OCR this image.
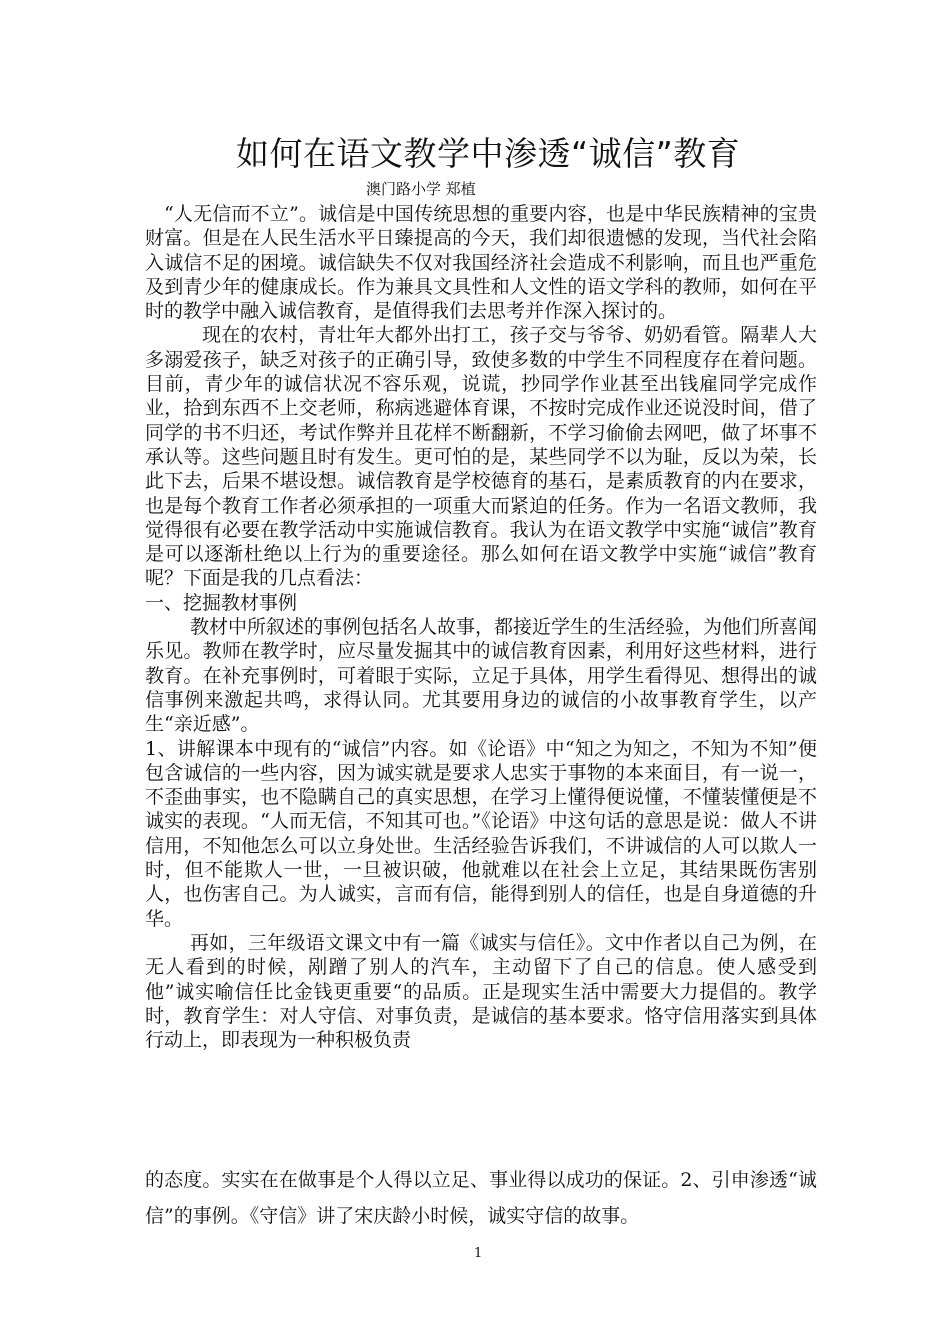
如何在语文教学中渗透“诚信”教育
澳门路小学 郑植

“人无信而不立”。诚信是中国传统思想的重要内容，也是中华民族精神的宝贵财富。但是在人民生活水平日臻提高的今天，我们却很遗憾的发现，当代社会陷入诚信不足的困境。诚信缺失不仅对我国经济社会造成不利影响，而且也严重危及到青少年的健康成长。作为兼具文具性和人文性的语文学科的教师，如何在平时的教学中融入诚信教育，是值得我们去思考并作深入探讨的。

现在的农村，青壮年大都外出打工，孩子交与爷爷、奶奶看管。隔辈人大多溺爱孩子，缺乏对孩子的正确引导，致使多数的中学生不同程度存在着问题。目前，青少年的诚信状况不容乐观，说谎，抄同学作业甚至出钱雇同学完成作业，拾到东西不上交老师，称病逃避体育课，不按时完成作业还说没时间，借了同学的书不归还，考试作弊并且花样不断翻新，不学习偷偷去网吧，做了坏事不承认等。这些问题且时有发生。更可怕的是，某些同学不以为耻，反以为荣，长此下去，后果不堪设想。诚信教育是学校德育的基石，是素质教育的内在要求，也是每个教育工作者必须承担的一项重大而紧迫的任务。作为一名语文教师，我觉得很有必要在教学活动中实施诚信教育。我认为在语文教学中实施“诚信”教育是可以逐渐杜绝以上行为的重要途径。那么如何在语文教学中实施“诚信”教育呢？下面是我的几点看法：

一、挖掘教材事例

教材中所叙述的事例包括名人故事，都接近学生的生活经验，为他们所喜闻乐见。教师在教学时，应尽量发掘其中的诚信教育因素，利用好这些材料，进行教育。在补充事例时，可着眼于实际，立足于具体，用学生看得见、想得出的诚信事例来激起共鸣，求得认同。尤其要用身边的诚信的小故事教育学生，以产生“亲近感”。

1、讲解课本中现有的“诚信”内容。如《论语》中“知之为知之，不知为不知”便包含诚信的一些内容，因为诚实就是要求人忠实于事物的本来面目，有一说一，不歪曲事实，也不隐瞒自己的真实思想，在学习上懂得便说懂，不懂装懂便是不诚实的表现。“人而无信，不知其可也。”《论语》中这句话的意思是说：做人不讲信用，不知他怎么可以立身处世。生活经验告诉我们，不讲诚信的人可以欺人一时，但不能欺人一世，一旦被识破，他就难以在社会上立足，其结果既伤害别人，也伤害自己。为人诚实，言而有信，能得到别人的信任，也是自身道德的升华。

再如，三年级语文课文中有一篇《诚实与信任》。文中作者以自己为例，在无人看到的时候，剐蹭了别人的汽车，主动留下了自己的信息。使人感受到他”诚实喻信任比金钱更重要“的品质。正是现实生活中需要大力提倡的。教学时，教育学生：对人守信、对事负责，是诚信的基本要求。恪守信用落实到具体行动上，即表现为一种积极负责

的态度。实实在在做事是个人得以立足、事业得以成功的保证。2、引申渗透“诚信”的事例。《守信》讲了宋庆龄小时候，诚实守信的故事。

1
